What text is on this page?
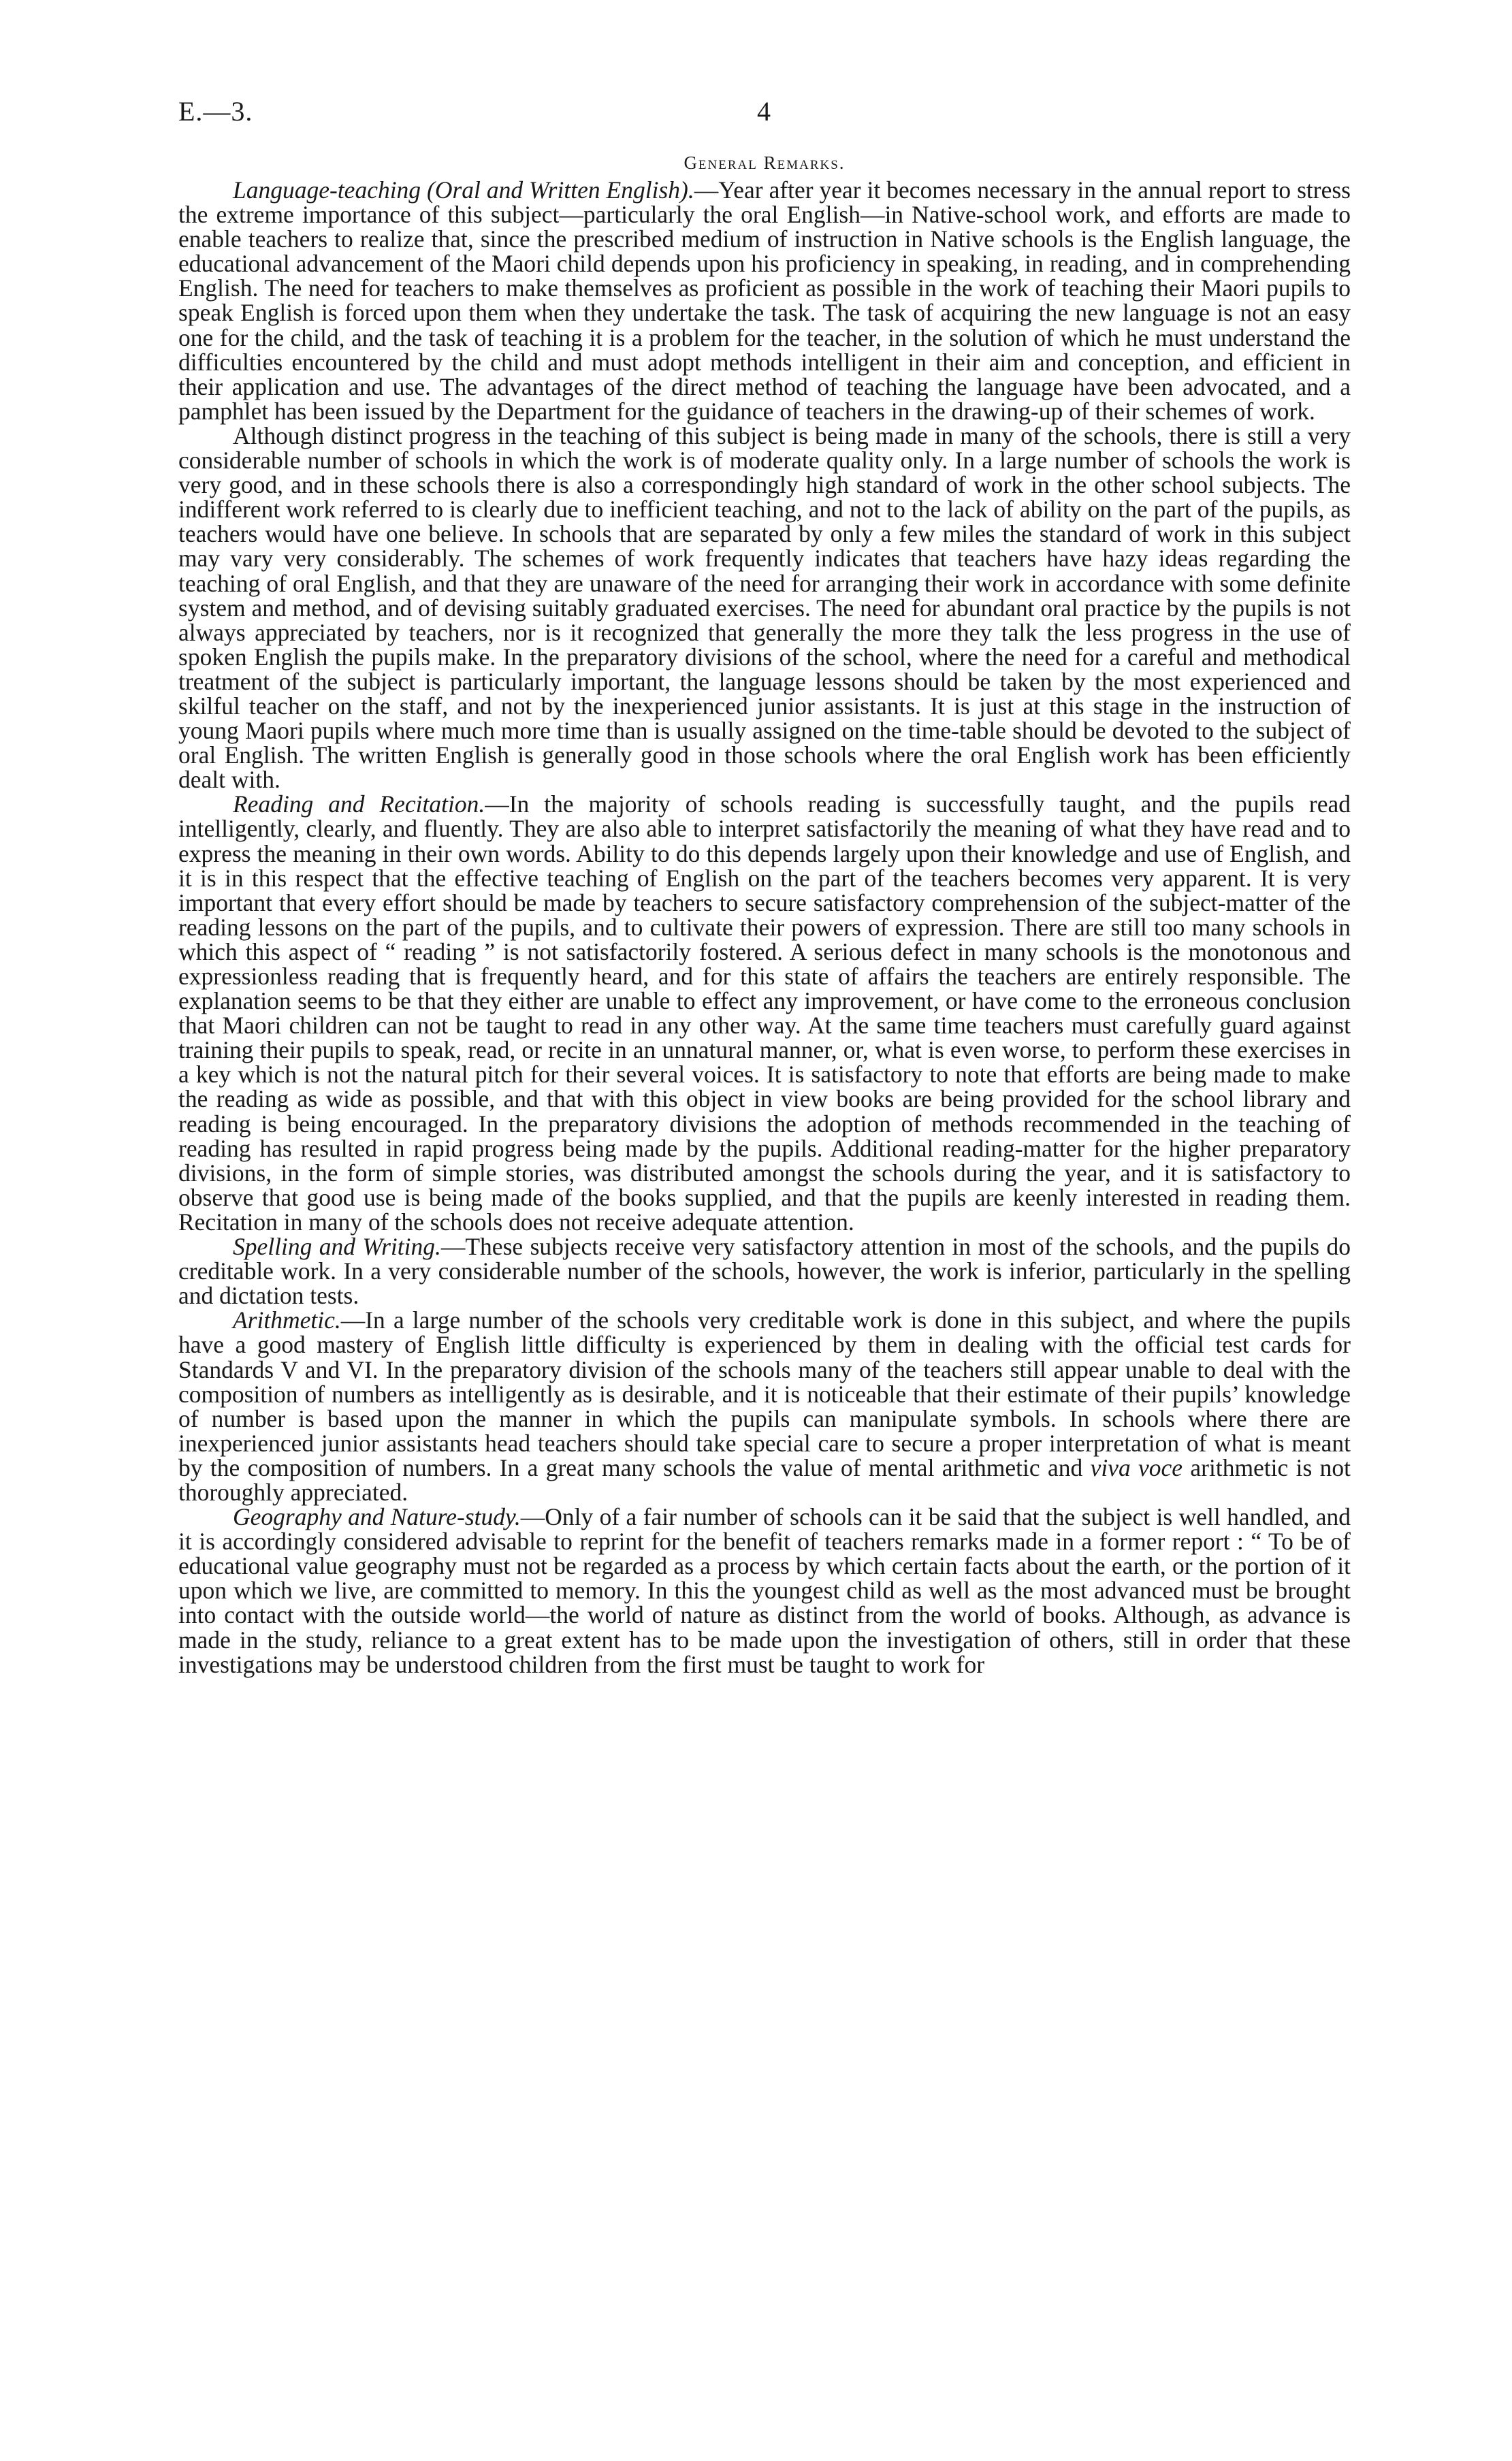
E.—3.	4
General Remarks.

Language-teaching (Oral and Written English).—Year after year it becomes necessary in the annual report to stress the extreme importance of this subject—particularly the oral English—in Native-school work, and efforts are made to enable teachers to realize that, since the prescribed medium of instruction in Native schools is the English language, the educational advancement of the Maori child depends upon his proficiency in speaking, in reading, and in comprehending English. The need for teachers to make themselves as proficient as possible in the work of teaching their Maori pupils to speak English is forced upon them when they undertake the task. The task of acquiring the new language is not an easy one for the child, and the task of teaching it is a problem for the teacher, in the solution of which he must understand the difficulties encountered by the child and must adopt methods intelligent in their aim and conception, and efficient in their application and use. The advantages of the direct method of teaching the language have been advocated, and a pamphlet has been issued by the Department for the guidance of teachers in the drawing-up of their schemes of work.

Although distinct progress in the teaching of this subject is being made in many of the schools, there is still a very considerable number of schools in which the work is of moderate quality only. In a large number of schools the work is very good, and in these schools there is also a correspondingly high standard of work in the other school subjects. The indifferent work referred to is clearly due to inefficient teaching, and not to the lack of ability on the part of the pupils, as teachers would have one believe. In schools that are separated by only a few miles the standard of work in this subject may vary very considerably. The schemes of work frequently indicates that teachers have hazy ideas regarding the teaching of oral English, and that they are unaware of the need for arranging their work in accordance with some definite system and method, and of devising suitably graduated exercises. The need for abundant oral practice by the pupils is not always appreciated by teachers, nor is it recognized that generally the more they talk the less progress in the use of spoken English the pupils make. In the preparatory divisions of the school, where the need for a careful and methodical treatment of the subject is particularly important, the language lessons should be taken by the most experienced and skilful teacher on the staff, and not by the inexperienced junior assistants. It is just at this stage in the instruction of young Maori pupils where much more time than is usually assigned on the time-table should be devoted to the subject of oral English. The written English is generally good in those schools where the oral English work has been efficiently dealt with.

Reading and Recitation.—In the majority of schools reading is successfully taught, and the pupils read intelligently, clearly, and fluently. They are also able to interpret satisfactorily the meaning of what they have read and to express the meaning in their own words. Ability to do this depends largely upon their knowledge and use of English, and it is in this respect that the effective teaching of English on the part of the teachers becomes very apparent. It is very important that every effort should be made by teachers to secure satisfactory comprehension of the subject-matter of the reading lessons on the part of the pupils, and to cultivate their powers of expression. There are still too many schools in which this aspect of “ reading ” is not satisfactorily fostered. A serious defect in many schools is the monotonous and expressionless reading that is frequently heard, and for this state of affairs the teachers are entirely responsible. The explanation seems to be that they either are unable to effect any improvement, or have come to the erroneous conclusion that Maori children can not be taught to read in any other way. At the same time teachers must carefully guard against training their pupils to speak, read, or recite in an unnatural manner, or, what is even worse, to perform these exercises in a key which is not the natural pitch for their several voices. It is satisfactory to note that efforts are being made to make the reading as wide as possible, and that with this object in view books are being provided for the school library and reading is being encouraged. In the preparatory divisions the adoption of methods recommended in the teaching of reading has resulted in rapid progress being made by the pupils. Additional reading-matter for the higher preparatory divisions, in the form of simple stories, was distributed amongst the schools during the year, and it is satisfactory to observe that good use is being made of the books supplied, and that the pupils are keenly interested in reading them. Recitation in many of the schools does not receive adequate attention.

Spelling and Writing.—These subjects receive very satisfactory attention in most of the schools, and the pupils do creditable work. In a very considerable number of the schools, however, the work is inferior, particularly in the spelling and dictation tests.

Arithmetic.—In a large number of the schools very creditable work is done in this subject, and where the pupils have a good mastery of English little difficulty is experienced by them in dealing with the official test cards for Standards V and VI. In the preparatory division of the schools many of the teachers still appear unable to deal with the composition of numbers as intelligently as is desirable, and it is noticeable that their estimate of their pupils’ knowledge of number is based upon the manner in which the pupils can manipulate symbols. In schools where there are inexperienced junior assistants head teachers should take special care to secure a proper interpretation of what is meant by the composition of numbers. In a great many schools the value of mental arithmetic and viva voce arithmetic is not thoroughly appreciated.

Geography and Nature-study.—Only of a fair number of schools can it be said that the subject is well handled, and it is accordingly considered advisable to reprint for the benefit of teachers remarks made in a former report : “ To be of educational value geography must not be regarded as a process by which certain facts about the earth, or the portion of it upon which we live, are committed to memory. In this the youngest child as well as the most advanced must be brought into contact with the outside world—the world of nature as distinct from the world of books. Although, as advance is made in the study, reliance to a great extent has to be made upon the investigation of others, still in order that these investigations may be understood children from the first must be taught to work for
